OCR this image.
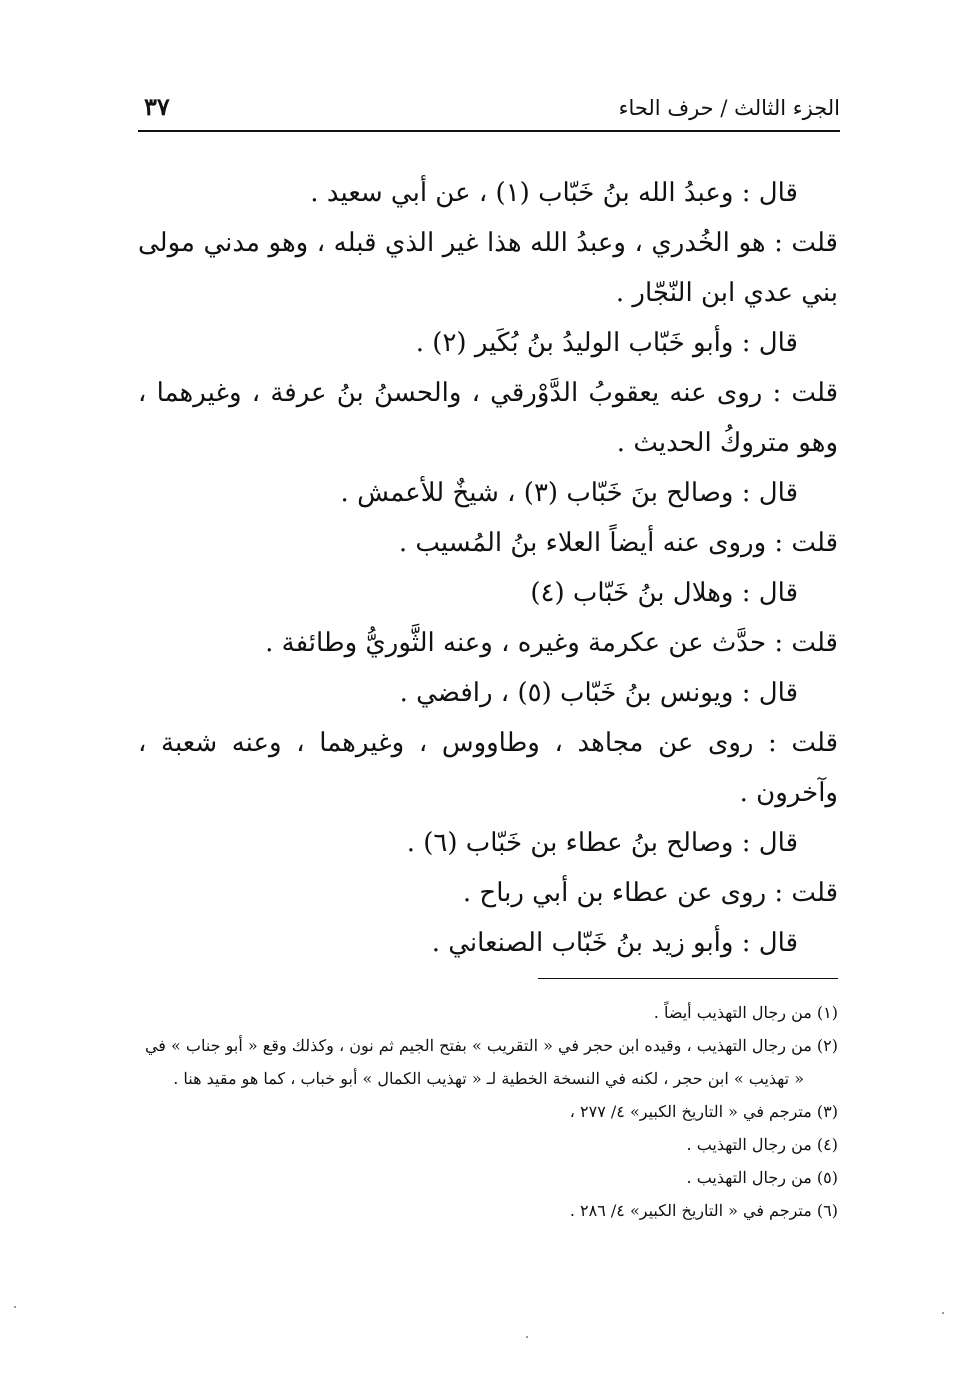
الجزء الثالث / حرف الحاء
٣٧

قال : وعبدُ الله بنُ خَبّاب (١) ، عن أبي سعيد .

قلت : هو الخُدري ، وعبدُ الله هذا غير الذي قبله ، وهو مدني مولى بني عدي ابن النّجّار .

قال : وأبو خَبّاب الوليدُ بنُ بُكَير (٢) .

قلت : روى عنه يعقوبُ الدَّوْرقي ، والحسنُ بنُ عرفة ، وغيرهما ، وهو متروكُ الحديث .

قال : وصالح بنَ خَبّاب (٣) ، شيخٌ للأعمش .

قلت : وروى عنه أيضاً العلاء بنُ المُسيب .

قال : وهلال بنُ خَبّاب (٤)

قلت : حدَّث عن عكرمة وغيره ، وعنه الثَّوريُّ وطائفة .

قال : ويونس بنُ خَبّاب (٥) ، رافضي .

قلت : روى عن مجاهد ، وطاووس ، وغيرهما ، وعنه شعبة ، وآخرون .

قال : وصالح بنُ عطاء بن خَبّاب (٦) .

قلت : روى عن عطاء بن أبي رباح .

قال : وأبو زيد بنُ خَبّاب الصنعاني .

(١) من رجال التهذيب أيضاً .

(٢) من رجال التهذيب ، وقيده ابن حجر في « التقريب » بفتح الجيم ثم نون ، وكذلك وقع « أبو جناب » في « تهذيب » ابن حجر ، لكنه في النسخة الخطية لـ « تهذيب الكمال » أبو خباب ، كما هو مقيد هنا .

(٣) مترجم في « التاريخ الكبير» ٤/ ٢٧٧ ،

(٤) من رجال التهذيب .

(٥) من رجال التهذيب .

(٦) مترجم في « التاريخ الكبير» ٤/ ٢٨٦ .
